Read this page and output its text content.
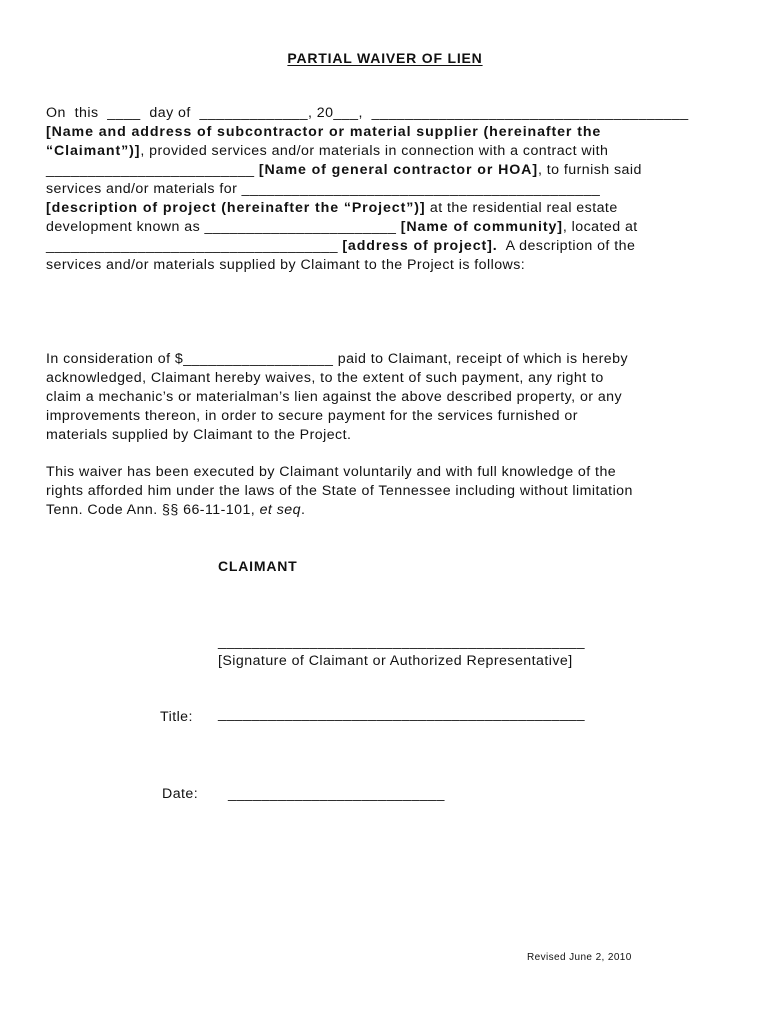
PARTIAL WAIVER OF LIEN
On  this  ____  day of  _____________, 20___,  ______________________________________
[Name and address of subcontractor or material supplier (hereinafter the
“Claimant”)], provided services and/or materials in connection with a contract with
_________________________ [Name of general contractor or HOA], to furnish said
services and/or materials for ___________________________________________
[description of project (hereinafter the “Project”)] at the residential real estate
development known as _______________________ [Name of community], located at
___________________________________ [address of project].  A description of the
services and/or materials supplied by Claimant to the Project is follows:
In consideration of $__________________ paid to Claimant, receipt of which is hereby
acknowledged, Claimant hereby waives, to the extent of such payment, any right to
claim a mechanic’s or materialman’s lien against the above described property, or any
improvements thereon, in order to secure payment for the services furnished or
materials supplied by Claimant to the Project.
This waiver has been executed by Claimant voluntarily and with full knowledge of the
rights afforded him under the laws of the State of Tennessee including without limitation
Tenn. Code Ann. §§ 66-11-101, et seq.
CLAIMANT
____________________________________________
[Signature of Claimant or Authorized Representative]
Title: ____________________________________________
Date: __________________________
Revised June 2, 2010
